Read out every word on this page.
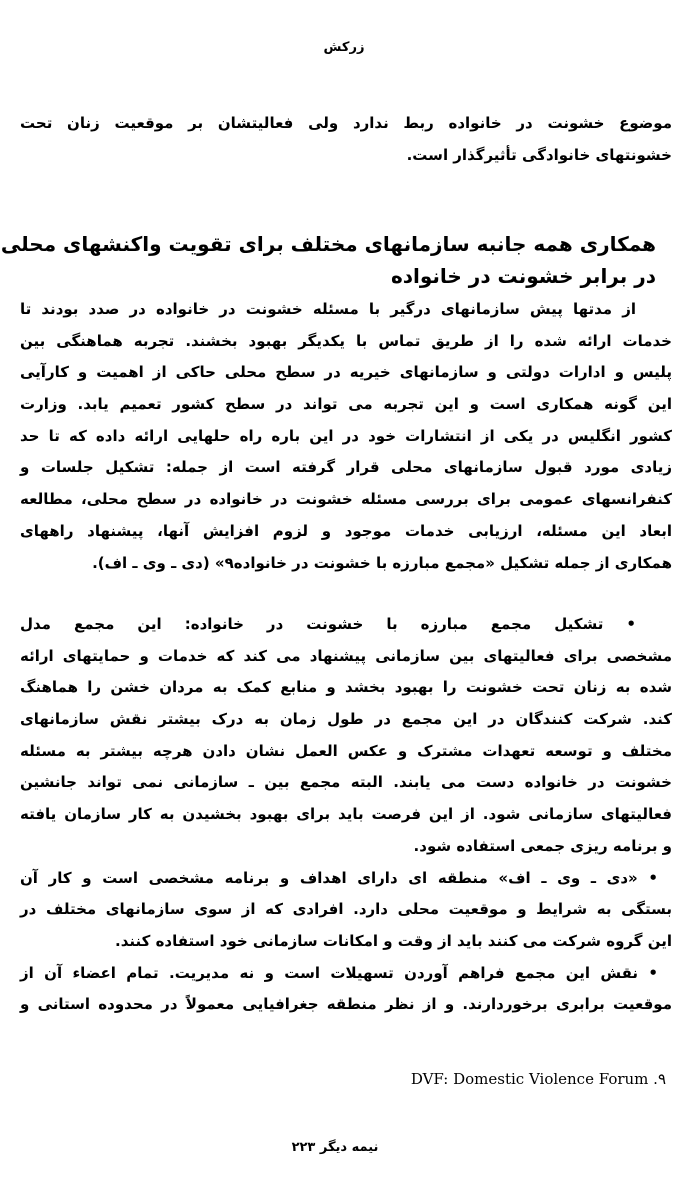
زرکش
موضوع خشونت در خانواده ربط ندارد ولی فعالیتشان بر موقعیت زنان تحت
خشونتهای خانوادگی تأثیرگذار است.
همکاری همه جانبه سازمانهای مختلف برای تقویت واکنشهای محلی
در برابر خشونت در خانواده
از مدتها پیش سازمانهای درگیر با مسئله خشونت در خانواده در صدد بودند تا
خدمات ارائه شده را از طریق تماس با یکدیگر بهبود بخشند. تجربه هماهنگی بین
پلیس و ادارات دولتی و سازمانهای خیریه در سطح محلی حاکی از اهمیت و کارآیی
این گونه همکاری است و این تجربه می تواند در سطح کشور تعمیم یابد. وزارت
کشور انگلیس در یکی از انتشارات خود در این باره راه حلهایی ارائه داده که تا حد
زیادی مورد قبول سازمانهای محلی قرار گرفته است از جمله: تشکیل جلسات و
کنفرانسهای عمومی برای بررسی مسئله خشونت در خانواده در سطح محلی، مطالعه
ابعاد این مسئله، ارزیابی خدمات موجود و لزوم افزایش آنها، پیشنهاد راههای
همکاری از جمله تشکیل «مجمع مبارزه با خشونت در خانواده۹» (دی ـ وی ـ اف).
• تشکیل مجمع مبارزه با خشونت در خانواده: این مجمع مدل
مشخصی برای فعالیتهای بین سازمانی پیشنهاد می کند که خدمات و حمایتهای ارائه
شده به زنان تحت خشونت را بهبود بخشد و منابع کمک به مردان خشن را هماهنگ
کند. شرکت کنندگان در این مجمع در طول زمان به درک بیشتر نقش سازمانهای
مختلف و توسعه تعهدات مشترک و عکس العمل نشان دادن هرچه بیشتر به مسئله
خشونت در خانواده دست می یابند. البته مجمع بین ـ سازمانی نمی تواند جانشین
فعالیتهای سازمانی شود. از این فرصت باید برای بهبود بخشیدن به کار سازمان یافته
و برنامه ریزی جمعی استفاده شود.
• «دی ـ وی ـ اف» منطقه ای دارای اهداف و برنامه مشخصی است و کار آن
بستگی به شرایط و موقعیت محلی دارد. افرادی که از سوی سازمانهای مختلف در
این گروه شرکت می کنند باید از وقت و امکانات سازمانی خود استفاده کنند.
• نقش این مجمع فراهم آوردن تسهیلات است و نه مدیریت. تمام اعضاء آن از
موقعیت برابری برخوردارند. و از نظر منطقه جغرافیایی معمولاً در محدوده استانی و
DVF: Domestic Violence Forum .۹
نیمه دیگر ۲۲۳
